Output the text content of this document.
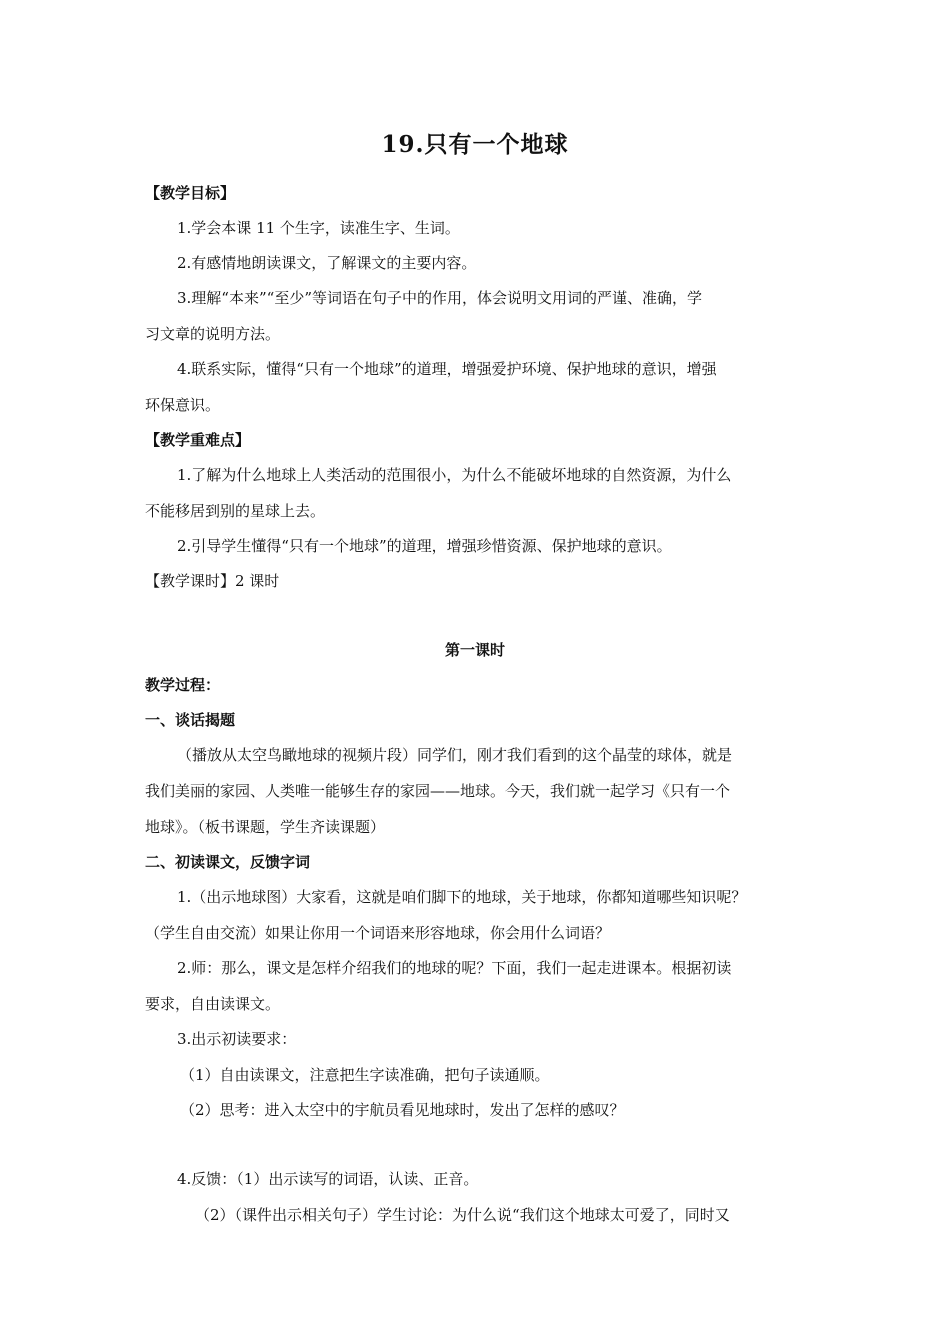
19.只有一个地球
【教学目标】
1.学会本课 11 个生字，读准生字、生词。
2.有感情地朗读课文，了解课文的主要内容。
3.理解“本来”“至少”等词语在句子中的作用，体会说明文用词的严谨、准确，学
习文章的说明方法。
4.联系实际，懂得“只有一个地球”的道理，增强爱护环境、保护地球的意识，增强
环保意识。
【教学重难点】
1.了解为什么地球上人类活动的范围很小，为什么不能破坏地球的自然资源，为什么
不能移居到别的星球上去。
2.引导学生懂得“只有一个地球”的道理，增强珍惜资源、保护地球的意识。
【教学课时】2 课时
第一课时
教学过程：
一、谈话揭题
（播放从太空鸟瞰地球的视频片段）同学们，刚才我们看到的这个晶莹的球体，就是
我们美丽的家园、人类唯一能够生存的家园——地球。今天，我们就一起学习《只有一个
地球》。（板书课题，学生齐读课题）
二、初读课文，反馈字词
1.（出示地球图）大家看，这就是咱们脚下的地球，关于地球，你都知道哪些知识呢？
（学生自由交流）如果让你用一个词语来形容地球，你会用什么词语？
2.师：那么，课文是怎样介绍我们的地球的呢？下面，我们一起走进课本。根据初读
要求，自由读课文。
3.出示初读要求：
（1）自由读课文，注意把生字读准确，把句子读通顺。
（2）思考：进入太空中的宇航员看见地球时，发出了怎样的感叹？
4.反馈：（1）出示读写的词语，认读、正音。
（2）（课件出示相关句子）学生讨论：为什么说“我们这个地球太可爱了，同时又
